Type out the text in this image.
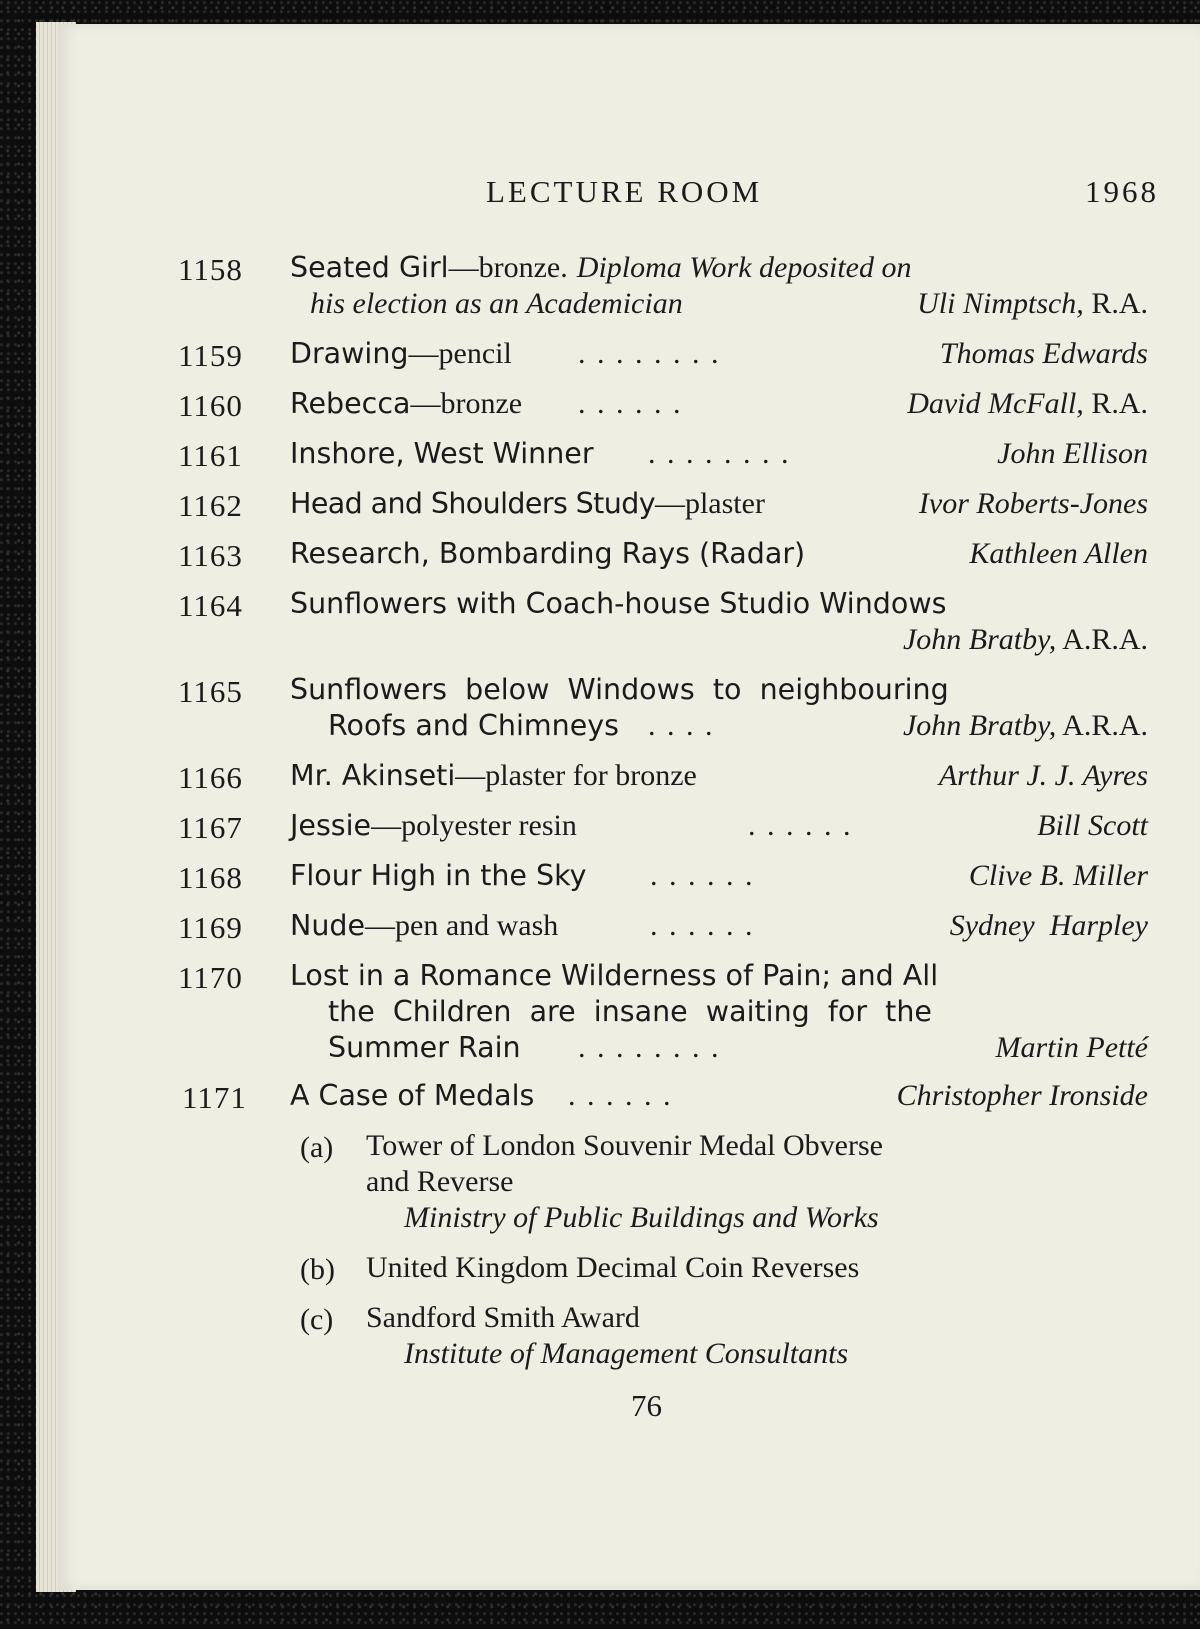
LECTURE ROOM	1968
1158 Seated Girl—bronze. Diploma Work deposited on
his election as an Academician	Uli Nimptsch, R.A.
1159 Drawing—pencil . . . . . . . .	Thomas Edwards
1160 Rebecca—bronze . . . . . .	David McFall, R.A.
1161 Inshore, West Winner . . . . . . . .	John Ellison
1162 Head and Shoulders Study—plaster	Ivor Roberts-Jones
1163 Research, Bombarding Rays (Radar)	Kathleen Allen
1164 Sunflowers with Coach-house Studio Windows
John Bratby, A.R.A.
1165 Sunflowers  below  Windows  to  neighbouring
Roofs and Chimneys . . . .	John Bratby, A.R.A.
1166 Mr. Akinseti—plaster for bronze	Arthur J. J. Ayres
1167 Jessie—polyester resin	. . . . . .	Bill Scott
1168 Flour High in the Sky . . . . . .	Clive B. Miller
1169 Nude—pen and wash	. . . . . .	Sydney  Harpley
1170 Lost in a Romance Wilderness of Pain; and All
the  Children  are  insane  waiting  for  the
Summer Rain . . . . . . . .	Martin Petté
1171 A Case of Medals . . . . . .	Christopher Ironside
(a) Tower of London Souvenir Medal Obverse
and Reverse
Ministry of Public Buildings and Works
(b) United Kingdom Decimal Coin Reverses
(c) Sandford Smith Award
Institute of Management Consultants
76
